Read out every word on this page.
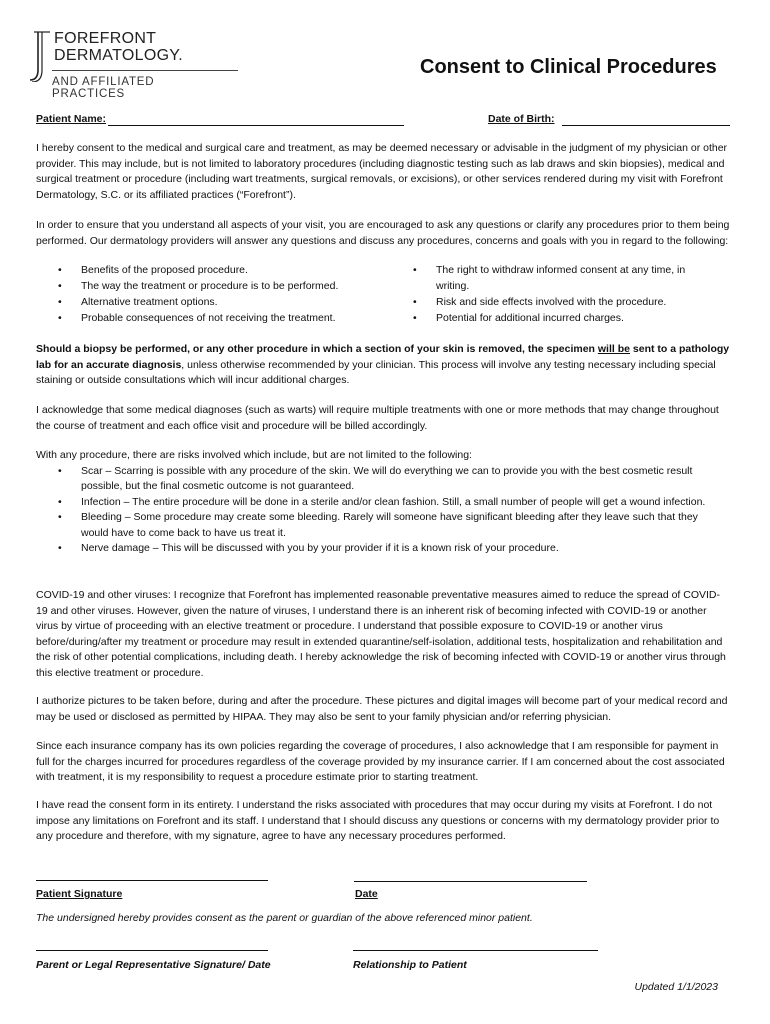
FOREFRONT
DERMATOLOGY.
AND AFFILIATED PRACTICES
Consent to Clinical Procedures
Patient Name:	Date of Birth:

I hereby consent to the medical and surgical care and treatment, as may be deemed necessary or advisable in the judgment of my physician or other provider. This may include, but is not limited to laboratory procedures (including diagnostic testing such as lab draws and skin biopsies), medical and surgical treatment or procedure (including wart treatments, surgical removals, or excisions), or other services rendered during my visit with Forefront Dermatology, S.C. or its affiliated practices (“Forefront”).

In order to ensure that you understand all aspects of your visit, you are encouraged to ask any questions or clarify any procedures prior to them being performed. Our dermatology providers will answer any questions and discuss any procedures, concerns and goals with you in regard to the following:

• Benefits of the proposed procedure.
• The way the treatment or procedure is to be performed.
• Alternative treatment options.
• Probable consequences of not receiving the treatment.
• The right to withdraw informed consent at any time, in writing.
• Risk and side effects involved with the procedure.
• Potential for additional incurred charges.

Should a biopsy be performed, or any other procedure in which a section of your skin is removed, the specimen will be sent to a pathology lab for an accurate diagnosis, unless otherwise recommended by your clinician. This process will involve any testing necessary including special staining or outside consultations which will incur additional charges.

I acknowledge that some medical diagnoses (such as warts) will require multiple treatments with one or more methods that may change throughout the course of treatment and each office visit and procedure will be billed accordingly.

With any procedure, there are risks involved which include, but are not limited to the following:

• Scar – Scarring is possible with any procedure of the skin. We will do everything we can to provide you with the best cosmetic result possible, but the final cosmetic outcome is not guaranteed.
• Infection – The entire procedure will be done in a sterile and/or clean fashion. Still, a small number of people will get a wound infection.
• Bleeding – Some procedure may create some bleeding. Rarely will someone have significant bleeding after they leave such that they would have to come back to have us treat it.
• Nerve damage – This will be discussed with you by your provider if it is a known risk of your procedure.

COVID-19 and other viruses: I recognize that Forefront has implemented reasonable preventative measures aimed to reduce the spread of COVID-19 and other viruses. However, given the nature of viruses, I understand there is an inherent risk of becoming infected with COVID-19 or another virus by virtue of proceeding with an elective treatment or procedure. I understand that possible exposure to COVID-19 or another virus before/during/after my treatment or procedure may result in extended quarantine/self-isolation, additional tests, hospitalization and rehabilitation and the risk of other potential complications, including death. I hereby acknowledge the risk of becoming infected with COVID-19 or another virus through this elective treatment or procedure.

I authorize pictures to be taken before, during and after the procedure. These pictures and digital images will become part of your medical record and may be used or disclosed as permitted by HIPAA. They may also be sent to your family physician and/or referring physician.

Since each insurance company has its own policies regarding the coverage of procedures, I also acknowledge that I am responsible for payment in full for the charges incurred for procedures regardless of the coverage provided by my insurance carrier. If I am concerned about the cost associated with treatment, it is my responsibility to request a procedure estimate prior to starting treatment.

I have read the consent form in its entirety. I understand the risks associated with procedures that may occur during my visits at Forefront. I do not impose any limitations on Forefront and its staff. I understand that I should discuss any questions or concerns with my dermatology provider prior to any procedure and therefore, with my signature, agree to have any necessary procedures performed.

Patient Signature	Date
The undersigned hereby provides consent as the parent or guardian of the above referenced minor patient.
Parent or Legal Representative Signature/ Date	Relationship to Patient
Updated 1/1/2023
